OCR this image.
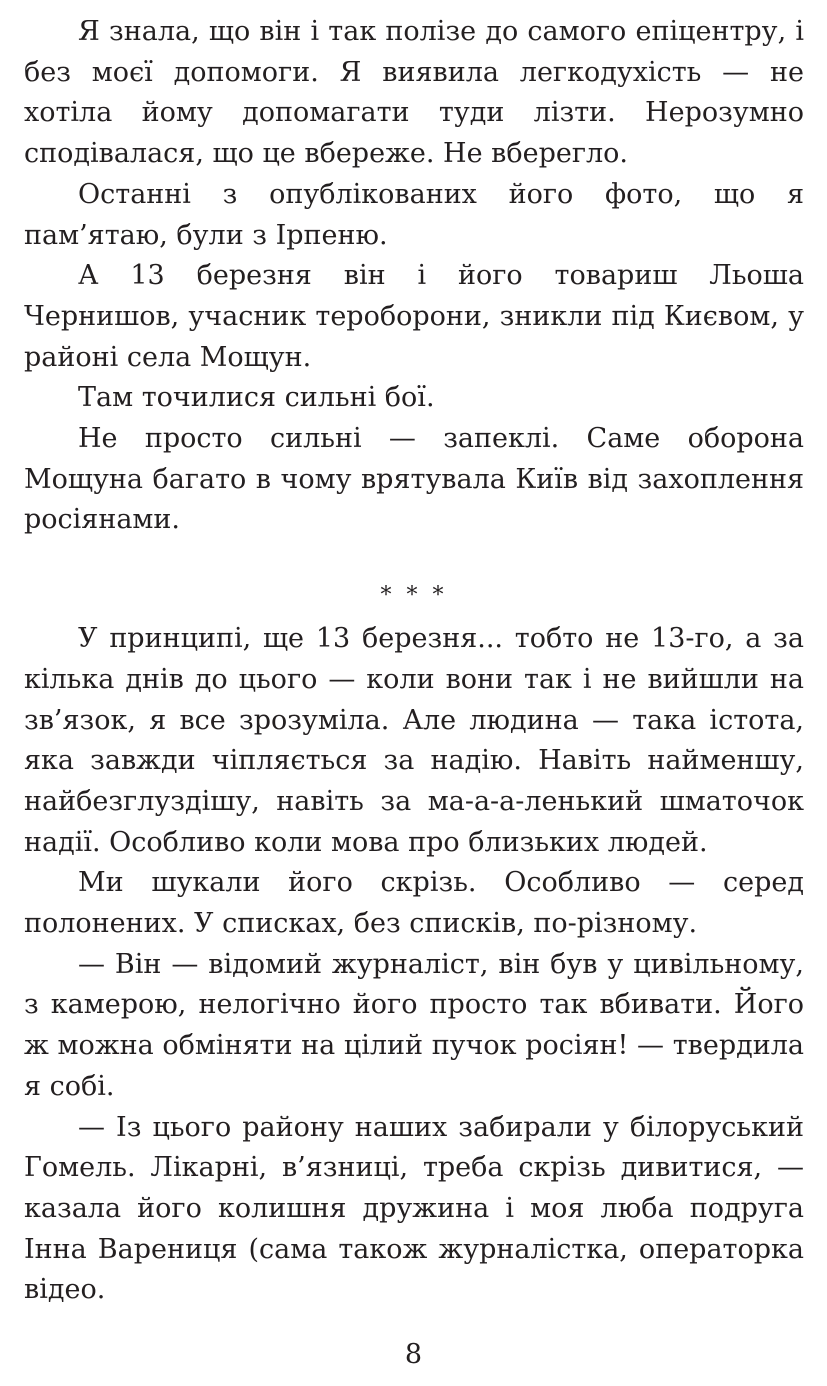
Я знала, що він і так полізе до самого епіцентру, і без моєї допомоги. Я виявила легкодухість — не хотіла йому допомагати туди лізти. Нерозумно сподівалася, що це вбереже. Не вберегло.

Останні з опублікованих його фото, що я пам’ятаю, були з Ірпеню.

А 13 березня він і його товариш Льоша Чернишов, учасник тероборони, зникли під Києвом, у районі села Мощун.

Там точилися сильні бої.

Не просто сильні — запеклі. Саме оборона Мощуна багато в чому врятувала Київ від захоплення росіянами.

* * *

У принципі, ще 13 березня... тобто не 13-го, а за кілька днів до цього — коли вони так і не вийшли на зв’язок, я все зрозуміла. Але людина — така істота, яка завжди чіпляється за надію. Навіть найменшу, найбезглуздішу, навіть за ма-а-а-ленький шматочок надії. Особливо коли мова про близьких людей.

Ми шукали його скрізь. Особливо — серед полонених. У списках, без списків, по-різному.

— Він — відомий журналіст, він був у цивільному, з камерою, нелогічно його просто так вбивати. Його ж можна обміняти на цілий пучок росіян! — твердила я собі.

— Із цього району наших забирали у білоруський Гомель. Лікарні, в’язниці, треба скрізь дивитися, — казала його колишня дружина і моя люба подруга Інна Варениця (сама також журналістка, операторка відео.

8
